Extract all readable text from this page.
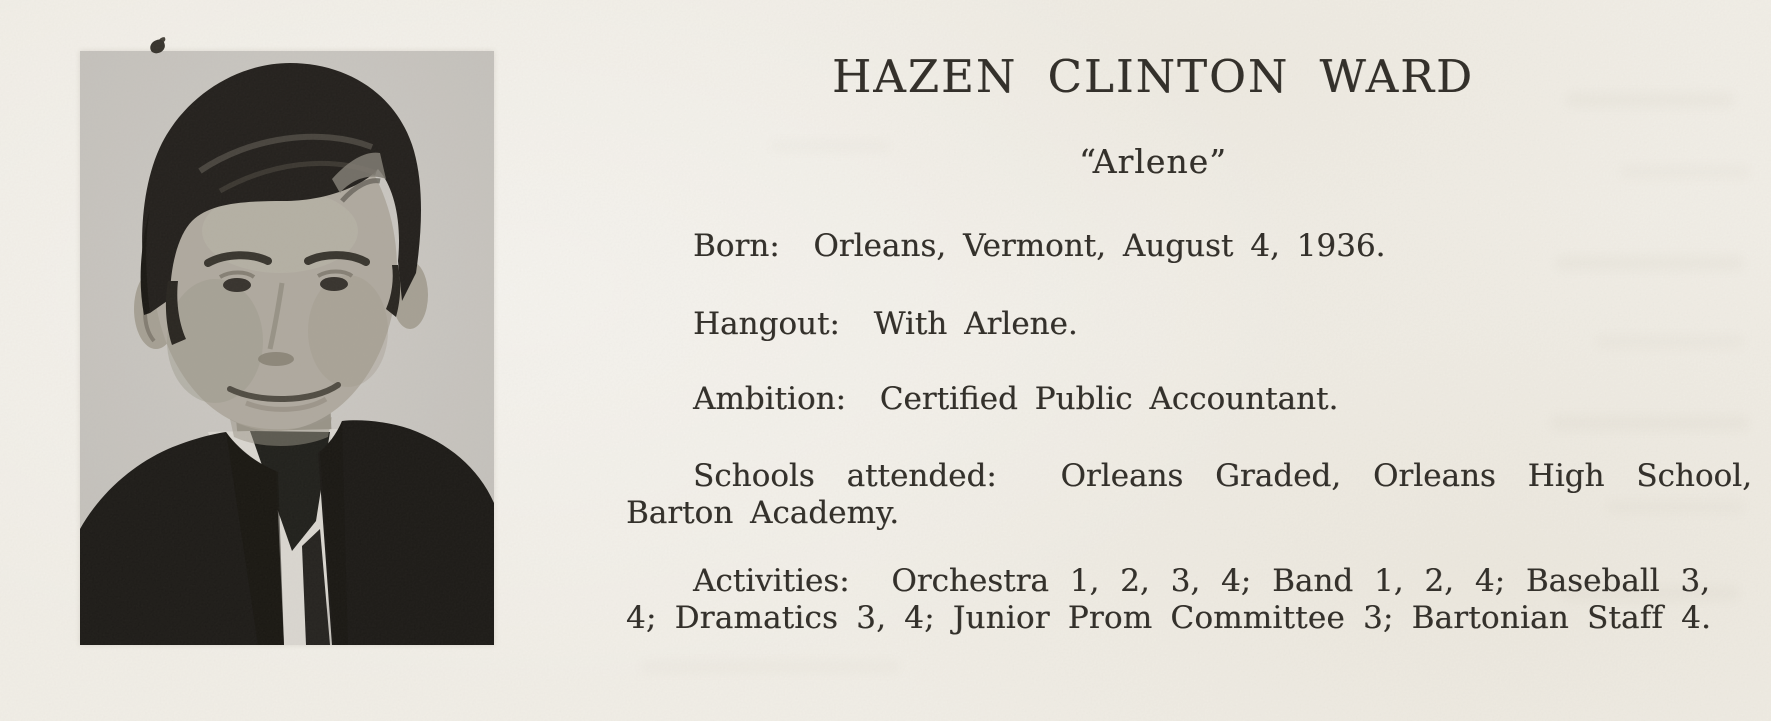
HAZEN CLINTON WARD
“Arlene”
Born:  Orleans, Vermont, August 4, 1936.
Hangout:  With Arlene.
Ambition:  Certified Public Accountant.
Schools attended:  Orleans Graded, Orleans High School,
Barton Academy.
Activities:  Orchestra 1, 2, 3, 4; Band 1, 2, 4; Baseball 3,
4; Dramatics 3, 4; Junior Prom Committee 3; Bartonian Staff 4.
